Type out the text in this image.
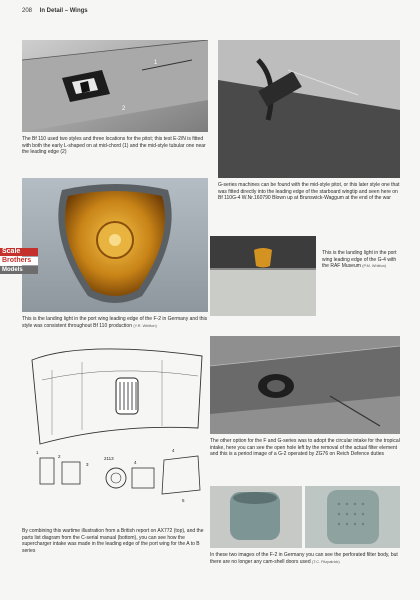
208 In Detail – Wings
1
2
The Bf 110 used two styles and three locations for the pitot; this test E-2/N is fitted with both the early L-shaped on at mid-chord (1) and the mid-style tubular one near the leading edge (2)
G-series machines can be found with the mid-style pitot, or this later style one that was fitted directly into the leading edge of the starboard wingtip and seen here on Bf 110G-4 W.Nr.160790 Blown up at Brunswick-Waggum at the end of the war
This is the landing light in the port wing leading edge of the F-2 in Germany and this style was consistent throughout Bf 110 production (Y.R. Whitton)
This is the landing light in the port wing leading edge of the G-4 with the RAF Museum (P.M. Whitton)
Scale
Brothers
Models
1
2
3
2113
4
4
5
By combining this wartime illustration from a British report on AX772 (top), and the parts list diagram from the C-serial manual (bottom), you can see how the supercharger intake was made in the leading edge of the port wing for the A to B series
The other option for the F and G-series was to adopt the circular intake for the tropical intake, here you can see the open hole left by the removal of the actual filter element and this is a period image of a G-2 operated by ZG76 on Reich Defence duties
In these two images of the F-2 in Germany you can see the perforated filter body, but there are no longer any cam-shell doors used (T.C. Fitzpatrick)
